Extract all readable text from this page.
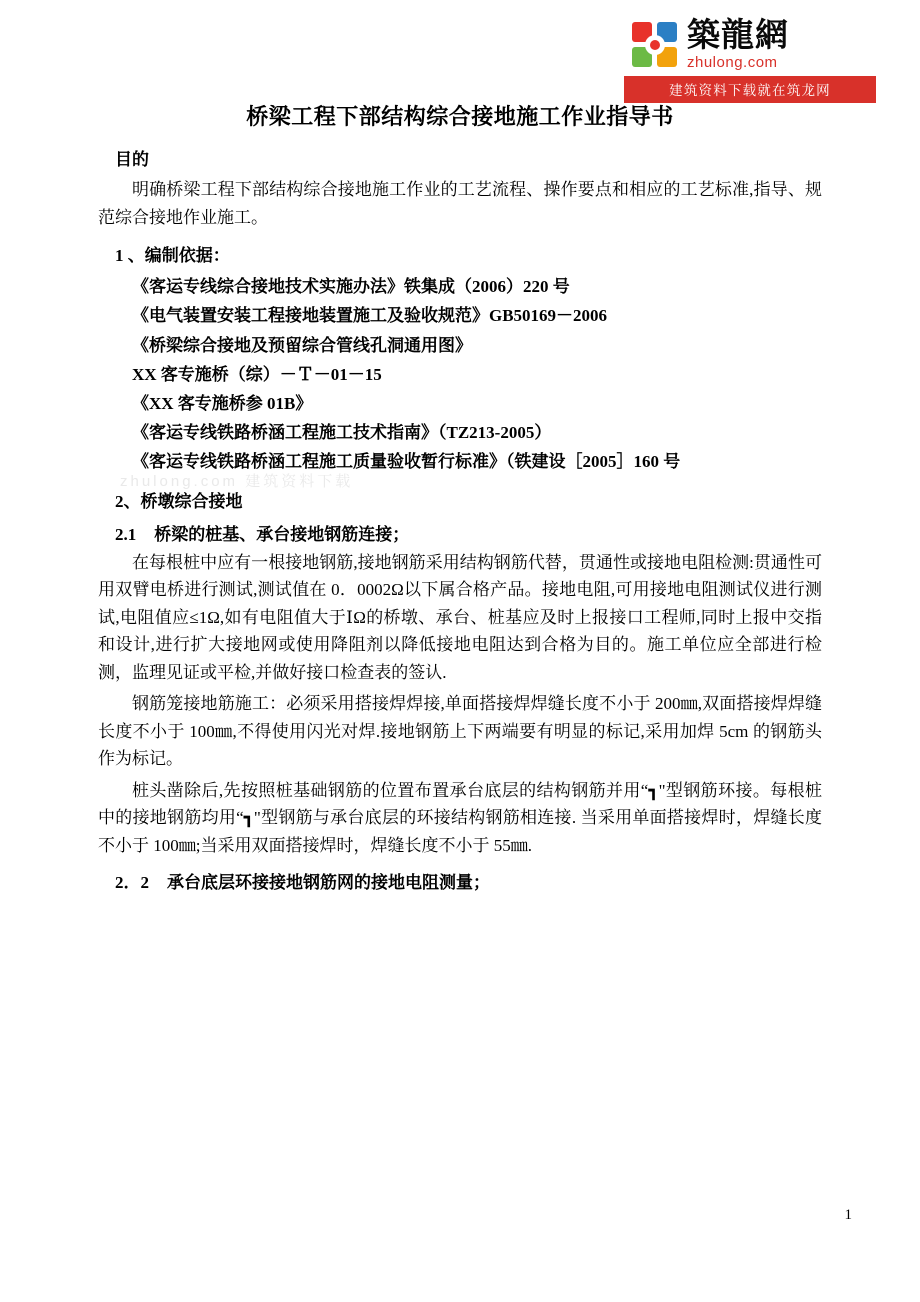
築龍網
zhulong.com
建筑资料下载就在筑龙网
桥梁工程下部结构综合接地施工作业指导书
目的

明确桥梁工程下部结构综合接地施工作业的工艺流程、操作要点和相应的工艺标准,指导、规范综合接地作业施工。

1 、编制依据：

《客运专线综合接地技术实施办法》铁集成（2006）220 号

《电气装置安装工程接地装置施工及验收规范》GB50169－2006

《桥梁综合接地及预留综合管线孔洞通用图》

XX 客专施桥（综）－Ｔ－01－15

《XX 客专施桥参 01B》

《客运专线铁路桥涵工程施工技术指南》（TZ213-2005）

《客运专线铁路桥涵工程施工质量验收暂行标准》（铁建设［2005］160 号

2、桥墩综合接地
2.1 桥梁的桩基、承台接地钢筋连接；

在每根桩中应有一根接地钢筋,接地钢筋采用结构钢筋代替，贯通性或接地电阻检测:贯通性可用双臂电桥进行测试,测试值在 0．0002Ω以下属合格产品。接地电阻,可用接地电阻测试仪进行测试,电阻值应≤1Ω,如有电阻值大于ⅠΩ的桥墩、承台、桩基应及时上报接口工程师,同时上报中交指和设计,进行扩大接地网或使用降阻剂以降低接地电阻达到合格为目的。施工单位应全部进行检测，监理见证或平检,并做好接口检查表的签认.

钢筋笼接地筋施工：必须采用搭接焊焊接,单面搭接焊焊缝长度不小于 200㎜,双面搭接焊焊缝长度不小于 100㎜,不得使用闪光对焊.接地钢筋上下两端要有明显的标记,采用加焊 5cm 的钢筋头作为标记。

桩头凿除后,先按照桩基础钢筋的位置布置承台底层的结构钢筋并用“┓"型钢筋环接。每根桩中的接地钢筋均用“┓"型钢筋与承台底层的环接结构钢筋相连接. 当采用单面搭接焊时，焊缝长度不小于 100㎜;当采用双面搭接焊时，焊缝长度不小于 55㎜.

2．2 承台底层环接接地钢筋网的接地电阻测量；
zhulong.com 建筑资料下载
1
